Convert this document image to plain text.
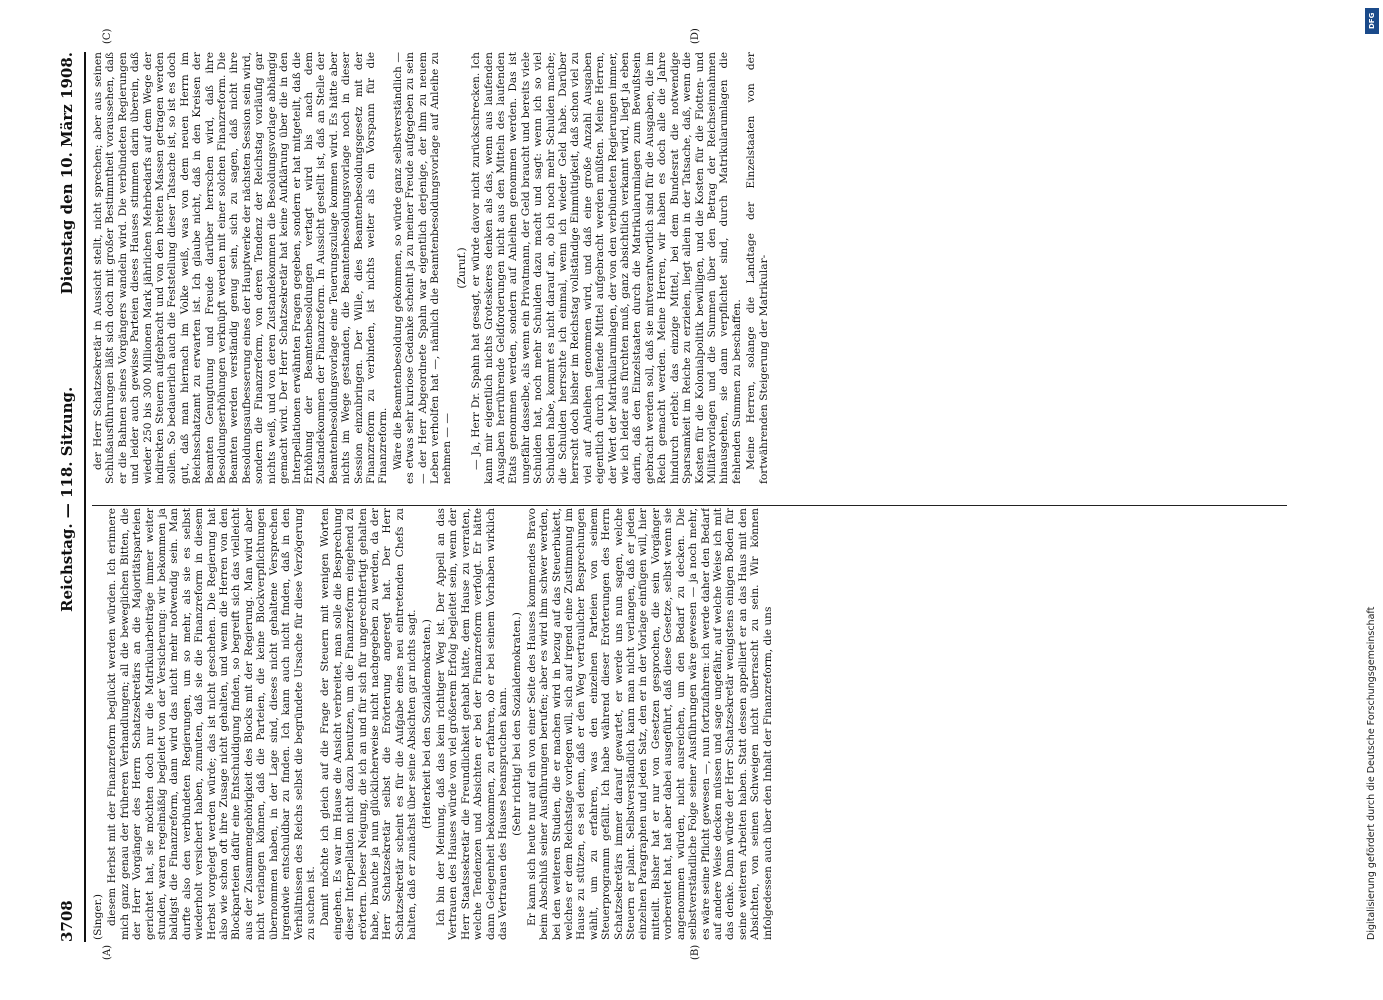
3708
Reichstag. — 118. Sitzung.
Dienstag den 10. März 1908.
(A)	(B)
(C)	(D)

(Singer.) diesem Herbst mit der Finanzreform beglückt werden würden. Ich erinnere mich ganz genau der früheren Verhandlungen; all die beweglichen Bitten, die der Herr Vorgänger des Herrn Schatzsekretärs an die Majoritätsparteien gerichtet hat, sie möchten doch nur die Matrikularbeiträge immer weiter stunden, waren regelmäßig begleitet von der Versicherung: wir bekommen ja baldigst die Finanzreform, dann wird das nicht mehr notwendig sein. Man durfte also den verbündeten Regierungen, um so mehr, als sie es selbst wiederholt versichert haben, zumuten, daß sie die Finanzreform in diesem Herbst vorgelegt werden würde; das ist nicht geschehen. Die Regierung hat also wie schon oft ihre Zusage nicht gehalten, und wenn die Herren von den Blockparteien dafür eine Entschuldigung finden, so begreift sich das vielleicht aus der Zusammengehörigkeit des Blocks mit der Regierung. Man wird aber nicht verlangen können, daß die Parteien, die keine Blockverpflichtungen übernommen haben, in der Lage sind, dieses nicht gehaltene Versprechen irgendwie entschuldbar zu finden. Ich kann auch nicht finden, daß in den Verhältnissen des Reichs selbst die begründete Ursache für diese Verzögerung zu suchen ist. Damit möchte ich gleich auf die Frage der Steuern mit wenigen Worten eingehen. Es war im Hause die Ansicht verbreitet, man solle die Besprechung dieser Interpellation nicht dazu benutzen, um die Finanzreform eingehend zu erörtern. Dieser Neigung, die ich an und für sich für ungerechtfertigt gehalten habe, brauche ja nun glücklicherweise nicht nachgegeben zu werden, da der Herr Schatzsekretär selbst die Erörterung angeregt hat. Der Herr Schatzsekretär scheint es für die Aufgabe eines neu eintretenden Chefs zu halten, daß er zunächst über seine Absichten gar nichts sagt. (Heiterkeit bei den Sozialdemokraten.) Ich bin der Meinung, daß das kein richtiger Weg ist. Der Appell an das Vertrauen des Hauses würde von viel größerem Erfolg begleitet sein, wenn der Herr Staatssekretär die Freundlichkeit gehabt hätte, dem Hause zu verraten, welche Tendenzen und Absichten er bei der Finanzreform verfolgt. Er hätte dann Gelegenheit bekommen, zu erfahren, ob er bei seinem Vorhaben wirklich das Vertrauen des Hauses beanspruchen kann. (Sehr richtig! bei den Sozialdemokraten.) Er kann sich heute nur auf ein von einer Seite des Hauses kommendes Bravo beim Abschluß seiner Ausführungen berufen; aber es wird ihm schwer werden, bei den weiteren Studien, die er machen wird in bezug auf das Steuerbukett, welches er dem Reichstage vorlegen will, sich auf irgend eine Zustimmung im Hause zu stützen, es sei denn, daß er den Weg vertraulicher Besprechungen wählt, um zu erfahren, was den einzelnen Parteien von seinem Steuerprogramm gefällt. Ich habe während dieser Erörterungen des Herrn Schatzsekretärs immer darauf gewartet, er werde uns nun sagen, welche Steuern er plant. Selbstverständlich kann man nicht verlangen, daß er jeden einzelnen Paragraphen und jeden Satz, den er in der Vorlage einfügen will, hier mitteilt. Bisher hat er nur von Gesetzen gesprochen, die sein Vorgänger vorbereitet hat, hat aber dabei ausgeführt, daß diese Gesetze, selbst wenn sie angenommen würden, nicht ausreichen, um den Bedarf zu decken. Die selbstverständliche Folge seiner Ausführungen wäre gewesen — ja noch mehr, es wäre seine Pflicht gewesen —, nun fortzufahren: ich werde daher den Bedarf auf andere Weise decken müssen und sage ungefähr, auf welche Weise ich mit das denke. Dann würde der Herr Schatzsekretär wenigstens einigen Boden für seine weiteren Arbeiten haben. Statt dessen appelliert er an das Haus mit den Absichten, von seinen Schweigen nicht überrascht zu sein. Wir können infolgedessen auch über den Inhalt der Finanzreform, die uns

der Herr Schatzsekretär in Aussicht stellt, nicht sprechen; aber aus seinen Schlußausführungen läßt sich doch mit großer Bestimmtheit voraussehen, daß er die Bahnen seines Vorgängers wandeln wird. Die verbündeten Regierungen und leider auch gewisse Parteien dieses Hauses stimmen darin überein, daß wieder 250 bis 300 Millionen Mark jährlichen Mehrbedarfs auf dem Wege der indirekten Steuern aufgebracht und von den breiten Massen getragen werden sollen. So bedauerlich auch die Feststellung dieser Tatsache ist, so ist es doch gut, daß man hiernach im Volke weiß, was von dem neuen Herrn im Reichsschatzamt zu erwarten ist. Ich glaube nicht, daß in den Kreisen der Beamten Genugtuung und Freude darüber herrschen wird, daß ihre Besoldungserhöhungen verknüpft werden mit einer solchen Finanzreform. Die Beamten werden verständig genug sein, sich zu sagen, daß nicht ihre Besoldungsaufbesserung eines der Hauptwerke der nächsten Session sein wird, sondern die Finanzreform, von deren Tendenz der Reichstag vorläufig gar nichts weiß, und von deren Zustandekommen die Besoldungsvorlage abhängig gemacht wird. Der Herr Schatzsekretär hat keine Aufklärung über die in den Interpellationen erwähnten Fragen gegeben, sondern er hat mitgeteilt, daß die Erhöhung der Beamtenbesoldungen vertagt wird bis nach dem Zustandekommen der Finanzreform. In Aussicht gestellt ist, daß an Stelle der Beamtenbesoldungsvorlage eine Teuerungszulage kommen wird. Es hätte aber nichts im Wege gestanden, die Beamtenbesoldungsvorlage noch in dieser Session einzubringen. Der Wille, dies Beamtenbesoldungsgesetz mit der Finanzreform zu verbinden, ist nichts weiter als ein Vorspann für die Finanzreform. Wäre die Beamtenbesoldung gekommen, so würde ganz selbstverständlich — es etwas sehr kuriose Gedanke scheint ja zu meiner Freude aufgegeben zu sein — der Herr Abgeordnete Spahn war eigentlich derjenige, der ihm zu neuem Leben verholfen hat —, nämlich die Beamtenbesoldungsvorlage auf Anleihe zu nehmen — —

(Zuruf.) — Ja, Herr Dr. Spahn hat gesagt, er würde davor nicht zurückschrecken. Ich kann mir eigentlich nichts Groteskeres denken als das, wenn aus laufenden Ausgaben herrührende Geldforderungen nicht aus den Mitteln des laufenden Etats genommen werden, sondern auf Anleihen genommen werden. Das ist ungefähr dasselbe, als wenn ein Privatmann, der Geld braucht und bereits viele Schulden hat, noch mehr Schulden dazu macht und sagt: wenn ich so viel Schulden habe, kommt es nicht darauf an, ob ich noch mehr Schulden mache; die Schulden herrschte ich einmal, wenn ich wieder Geld habe. Darüber herrscht doch bisher im Reichstag vollständige Einmütigkeit, daß schon viel zu viel auf Anleihen genommen wird, und daß eine große Anzahl Ausgaben eigentlich durch laufende Mittel aufgebracht werden müßten. Meine Herren, der Wert der Matrikularumlagen, der von den verbündeten Regierungen immer, wie ich leider aus fürchten muß, ganz absichtlich verkannt wird, liegt ja eben darin, daß den Einzelstaaten durch die Matrikularumlagen zum Bewußtsein gebracht werden soll, daß sie mitverantwortlich sind für die Ausgaben, die im Reich gemacht werden. Meine Herren, wir haben es doch alle die Jahre hindurch erlebt: das einzige Mittel, bei dem Bundesrat die notwendige Sparsamkeit im Reiche zu erzielen, liegt allein in der Tatsache, daß, wenn die Kosten für die Kolonialpolitik bewilligen, und die Kosten für die Flotten- und Militärvorlagen und die Summen über den Betrag der Reichseinnahmen hinausgehen, sie dann verpflichtet sind, durch Matrikularumlagen die fehlenden Summen zu beschaffen. Meine Herren, solange die Landtage der Einzelstaaten von der fortwährenden Steigerung der Matrikular-

DFG
Digitalisierung gefördert durch die Deutsche Forschungsgemeinschaft
